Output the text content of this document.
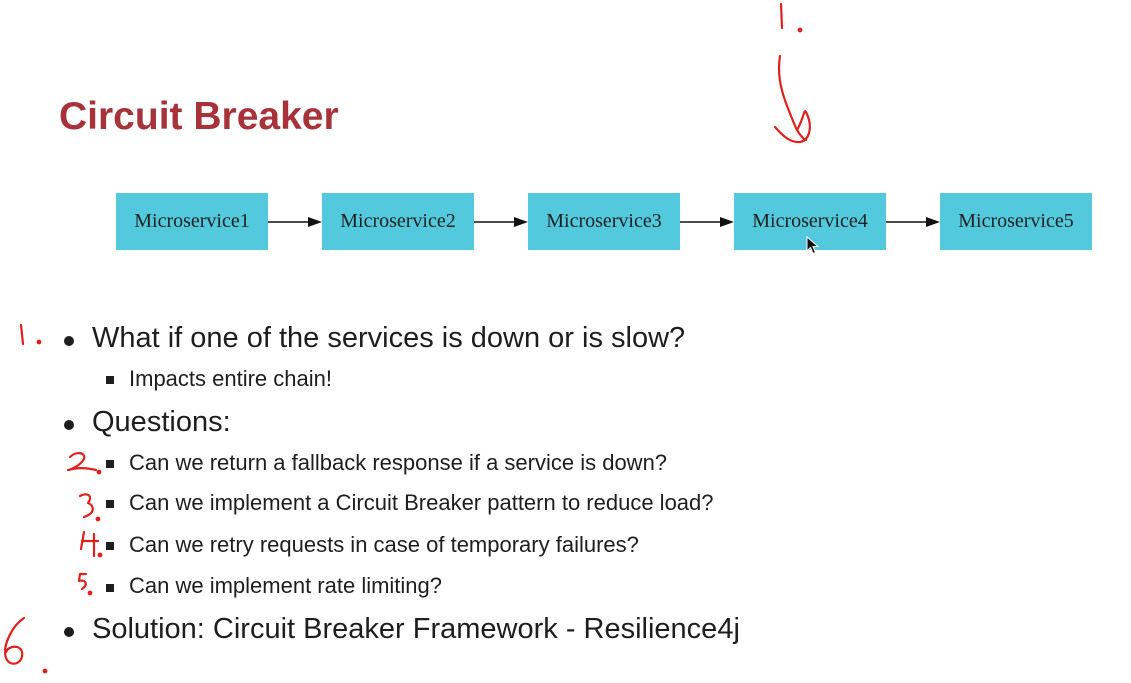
Circuit Breaker
Microservice1	Microservice2	Microservice3	Microservice4	Microservice5
What if one of the services is down or is slow?
Impacts entire chain!
Questions:
Can we return a fallback response if a service is down?
Can we implement a Circuit Breaker pattern to reduce load?
Can we retry requests in case of temporary failures?
Can we implement rate limiting?
Solution: Circuit Breaker Framework - Resilience4j
